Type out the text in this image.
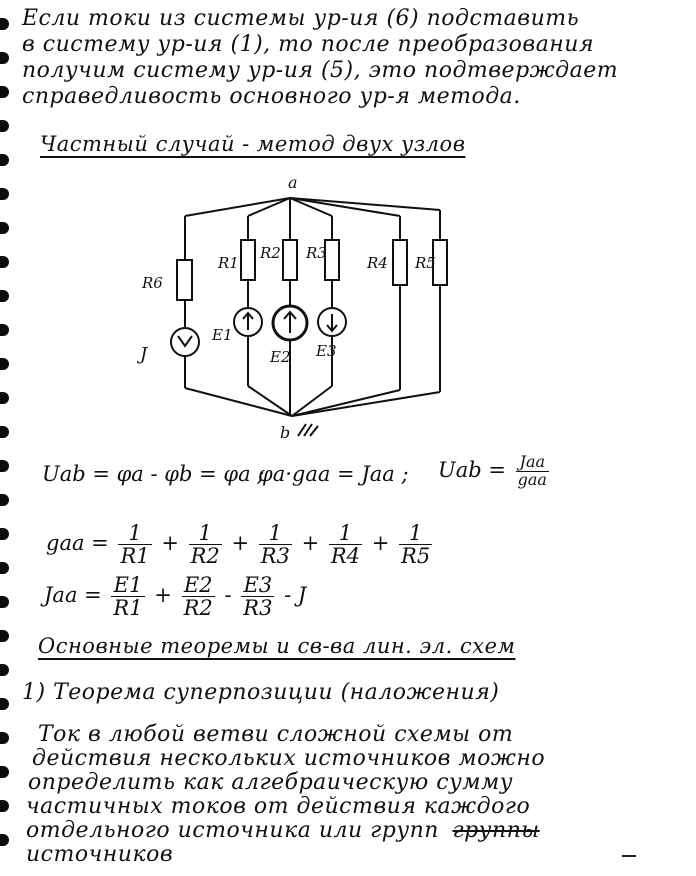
Если токи из системы ур-ия (6) подставить
в систему ур-ия (1), то после преобразования
получим систему ур-ия (5), это подтверждает
справедливость основного ур-я метода.
Частный случай - метод двух узлов
a
R6
R1
R2 R3
R4 R5
J
E1
E2 E3
b
Uab = φa - φb = φa ;
φa·gaa = Jaa ; Uab = $\frac{\text{Jaa}}{\text{gaa}}$
gaa = $\frac{1}{R1} + \frac{1}{R2} + \frac{1}{R3} + \frac{1}{R4} + \frac{1}{R5}$
Jaa = $\frac{E1}{R1} + \frac{E2}{R2} - \frac{E3}{R3} - J$
Основные теоремы и св-ва лин. эл. схем
1) Теорема суперпозиции (наложения)
Ток в любой ветви сложной схемы от
действия нескольких источников можно
определить как алгебраическую сумму
частичных токов от действия каждого
отдельного источника или групп группы
источников
